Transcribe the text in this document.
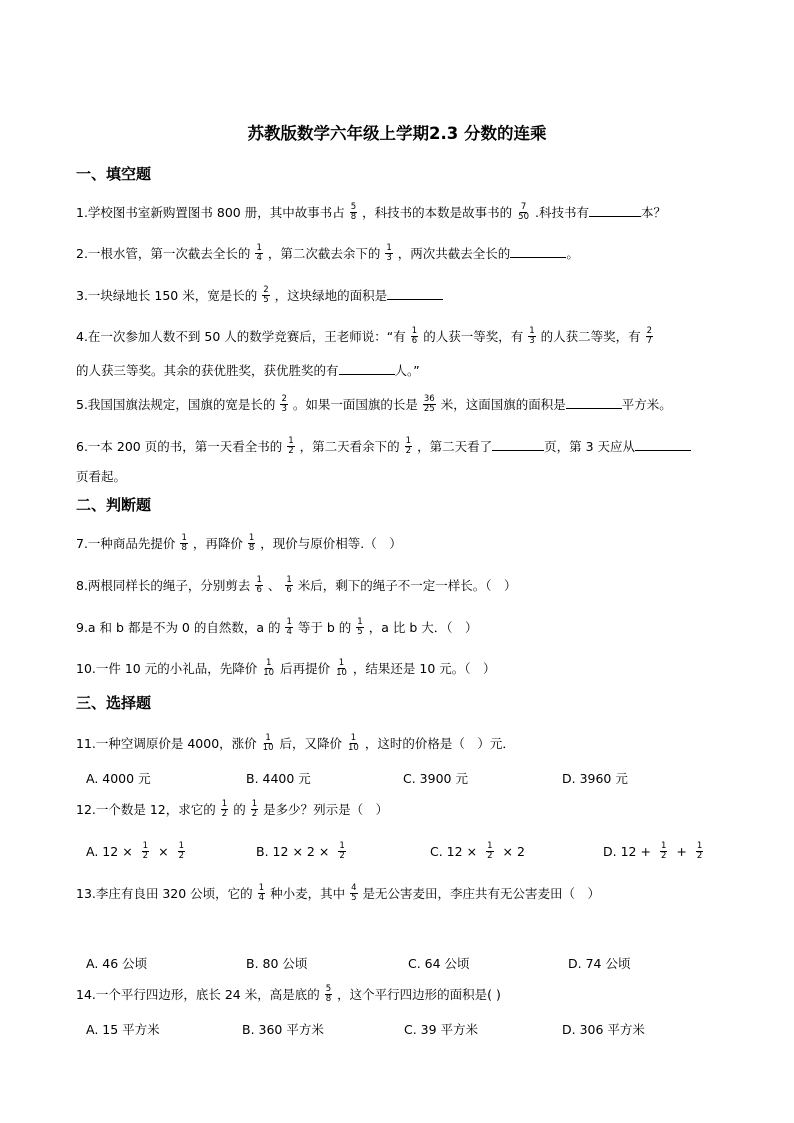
苏教版数学六年级上学期2.3 分数的连乘
一、填空题
1.学校图书室新购置图书 800 册，其中故事书占 $\frac{5}{8}$ ，科技书的本数是故事书的 $\frac{7}{50}$ .科技书有	本？
2.一根水管，第一次截去全长的 $\frac{1}{4}$ ，第二次截去余下的 $\frac{1}{3}$ ，两次共截去全长的	。
3.一块绿地长 150 米，宽是长的 $\frac{2}{5}$ ，这块绿地的面积是
4.在一次参加人数不到 50 人的数学竞赛后，王老师说：“有 $\frac{1}{6}$ 的人获一等奖，有 $\frac{1}{3}$ 的人获二等奖，有 $\frac{2}{7}$
的人获三等奖。其余的获优胜奖，获优胜奖的有	人。”
5.我国国旗法规定，国旗的宽是长的 $\frac{2}{3}$ 。如果一面国旗的长是 $\frac{36}{25}$ 米，这面国旗的面积是	平方米。
6.一本 200 页的书，第一天看全书的 $\frac{1}{2}$ ，第二天看余下的 $\frac{1}{2}$ ，第二天看了	页，第 3 天应从
页看起。
二、判断题
7.一种商品先提价 $\frac{1}{8}$ ，再降价 $\frac{1}{8}$ ，现价与原价相等.（　）
8.两根同样长的绳子，分别剪去 $\frac{1}{6}$ 、 $\frac{1}{6}$ 米后，剩下的绳子不一定一样长。（　）
9.a 和 b 都是不为 0 的自然数，a 的 $\frac{1}{4}$ 等于 b 的 $\frac{1}{5}$ ，a 比 b 大．（　）
10.一件 10 元的小礼品，先降价 $\frac{1}{10}$ 后再提价 $\frac{1}{10}$ ，结果还是 10 元。（　）
三、选择题
11.一种空调原价是 4000，涨价 $\frac{1}{10}$ 后，又降价 $\frac{1}{10}$ ，这时的价格是（　）元．
A. 4000 元	B. 4400 元	C. 3900 元	D. 3960 元
12.一个数是 12，求它的 $\frac{1}{2}$ 的 $\frac{1}{2}$ 是多少？列示是（　）
A. $12 \times \frac{1}{2} \times \frac{1}{2}$	B. $12 \times 2 \times \frac{1}{2}$	C. $12 \times \frac{1}{2} \times 2$	D. $12 + \frac{1}{2} + \frac{1}{2}$
13.李庄有良田 320 公顷，它的 $\frac{1}{4}$ 种小麦，其中 $\frac{4}{5}$ 是无公害麦田，李庄共有无公害麦田（　）
A. 46 公顷	B. 80 公顷	C. 64 公顷	D. 74 公顷
14.一个平行四边形，底长 24 米，高是底的 $\frac{5}{8}$ ，这个平行四边形的面积是( )
A. 15 平方米	B. 360 平方米	C. 39 平方米	D. 306 平方米
